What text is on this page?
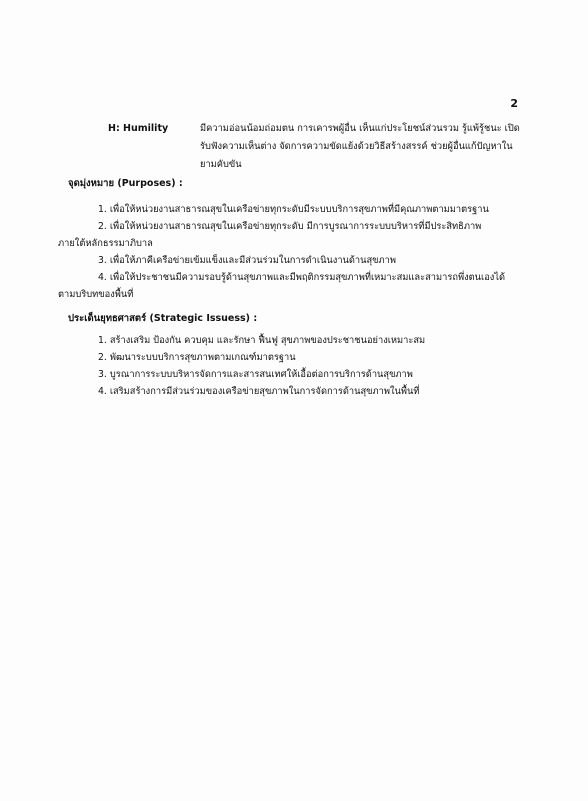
2
H: Humility	มีความอ่อนน้อมถ่อมตน การเคารพผู้อื่น เห็นแก่ประโยชน์ส่วนรวม รู้แพ้รู้ชนะ เปิดรับฟังความเห็นต่าง จัดการความขัดแย้งด้วยวิธีสร้างสรรค์ ช่วยผู้อื่นแก้ปัญหาในยามคับขัน
จุดมุ่งหมาย (Purposes) :
1. เพื่อให้หน่วยงานสาธารณสุขในเครือข่ายทุกระดับมีระบบบริการสุขภาพที่มีคุณภาพตามมาตรฐาน
2. เพื่อให้หน่วยงานสาธารณสุขในเครือข่ายทุกระดับ มีการบูรณาการระบบบริหารที่มีประสิทธิภาพ
ภายใต้หลักธรรมาภิบาล
3. เพื่อให้ภาคีเครือข่ายเข้มแข็งและมีส่วนร่วมในการดำเนินงานด้านสุขภาพ
4. เพื่อให้ประชาชนมีความรอบรู้ด้านสุขภาพและมีพฤติกรรมสุขภาพที่เหมาะสมและสามารถพึ่งตนเองได้
ตามบริบทของพื้นที่
ประเด็นยุทธศาสตร์ (Strategic Issuess) :
1. สร้างเสริม ป้องกัน ควบคุม และรักษา ฟื้นฟู สุขภาพของประชาชนอย่างเหมาะสม
2. พัฒนาระบบบริการสุขภาพตามเกณฑ์มาตรฐาน
3. บูรณาการระบบบริหารจัดการและสารสนเทศให้เอื้อต่อการบริการด้านสุขภาพ
4. เสริมสร้างการมีส่วนร่วมของเครือข่ายสุขภาพในการจัดการด้านสุขภาพในพื้นที่
